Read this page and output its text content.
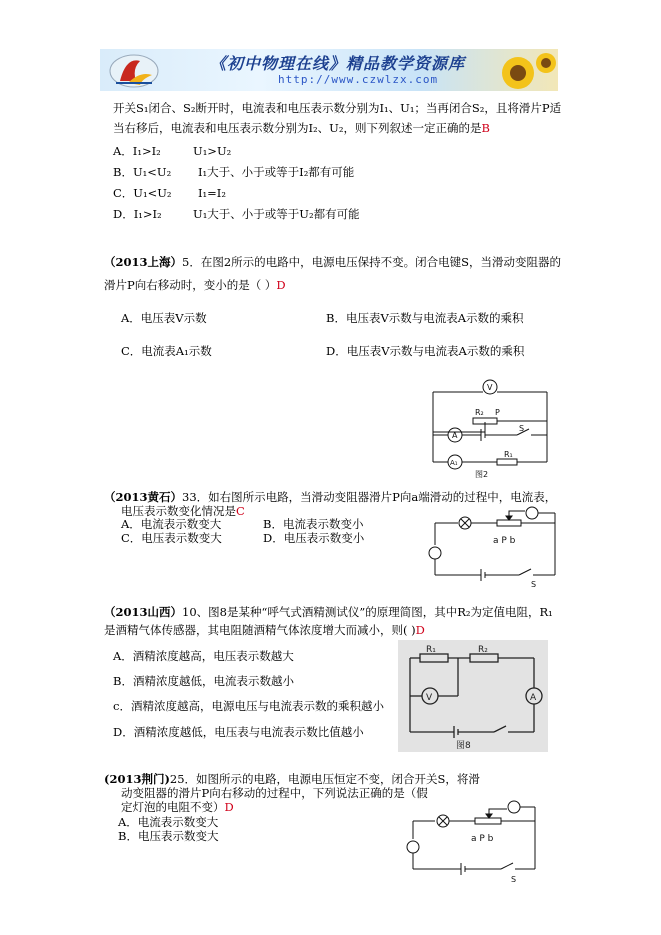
《初中物理在线》精品教学资源库
http://www.czwlzx.com
开关S₁闭合、S₂断开时，电流表和电压表示数分别为I₁、U₁；当再闭合S₂，且将滑片P适
当右移后，电流表和电压表示数分别为I₂、U₂，则下列叙述一定正确的是B
A．I₁>I₂	U₁>U₂
B．U₁<U₂ I₁大于、小于或等于I₂都有可能
C．U₁<U₂ I₁=I₂
D．I₁>I₂	U₁大于、小于或等于U₂都有可能
（2013上海）5．在图2所示的电路中，电源电压保持不变。闭合电键S，当滑动变阻器的
滑片P向右移动时，变小的是（ ）D
A．电压表V示数	B．电压表V示数与电流表A示数的乘积
C．电流表A₁示数	D．电压表V示数与电流表A示数的乘积
V
R₂ P
A
S
A₁
R₁
图2
（2013黄石）33．如右图所示电路，当滑动变阻器滑片P向a端滑动的过程中，电流表，
电压表示数变化情况是C
A．电流表示数变大	B．电流表示数变小
C．电压表示数变大	D．电压表示数变小	a P b
S
（2013山西）10、图8是某种“呼气式酒精测试仪”的原理简图，其中R₂为定值电阻，R₁
是酒精气体传感器，其电阻随酒精气体浓度增大而减小，则( )D
A．酒精浓度越高，电压表示数越大
B．酒精浓度越低，电流表示数越小
c．酒精浓度越高，电源电压与电流表示数的乘积越小
D．酒精浓度越低，电压表与电流表示数比值越小
R₁	R₂
A
V
图8
(2013荆门)25．如图所示的电路，电源电压恒定不变，闭合开关S，将滑
动变阻器的滑片P向右移动的过程中，下列说法正确的是（假
定灯泡的电阻不变）D
A．电流表示数变大
B．电压表示数变大	a P b
S
